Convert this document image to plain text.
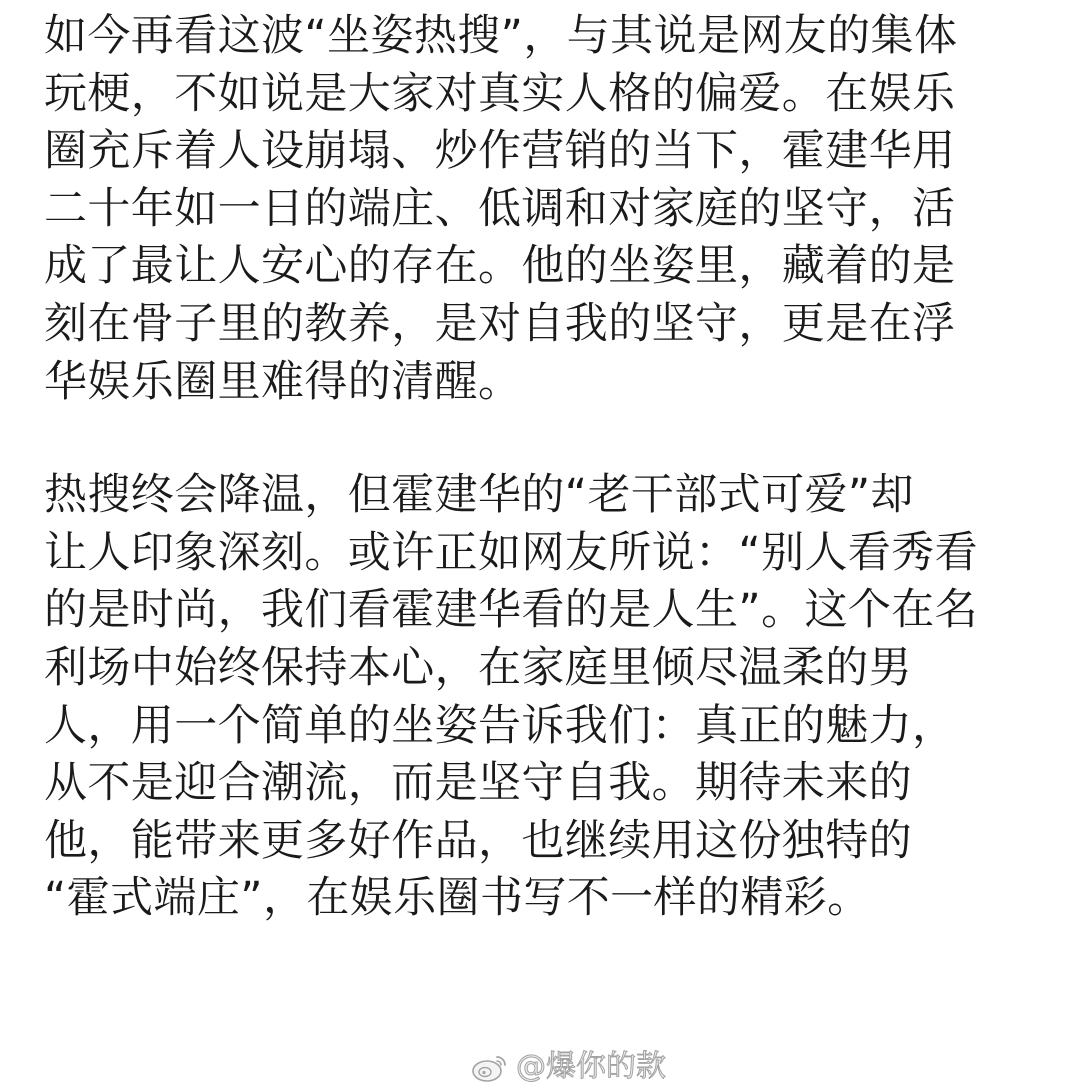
如今再看这波“坐姿热搜”，与其说是网友的集体
玩梗，不如说是大家对真实人格的偏爱。在娱乐
圈充斥着人设崩塌、炒作营销的当下，霍建华用
二十年如一日的端庄、低调和对家庭的坚守，活
成了最让人安心的存在。他的坐姿里，藏着的是
刻在骨子里的教养，是对自我的坚守，更是在浮
华娱乐圈里难得的清醒。
热搜终会降温，但霍建华的“老干部式可爱”却
让人印象深刻。或许正如网友所说：“别人看秀看
的是时尚，我们看霍建华看的是人生”。这个在名
利场中始终保持本心，在家庭里倾尽温柔的男
人，用一个简单的坐姿告诉我们：真正的魅力，
从不是迎合潮流，而是坚守自我。期待未来的
他，能带来更多好作品，也继续用这份独特的
“霍式端庄”，在娱乐圈书写不一样的精彩。
@爆你的款
